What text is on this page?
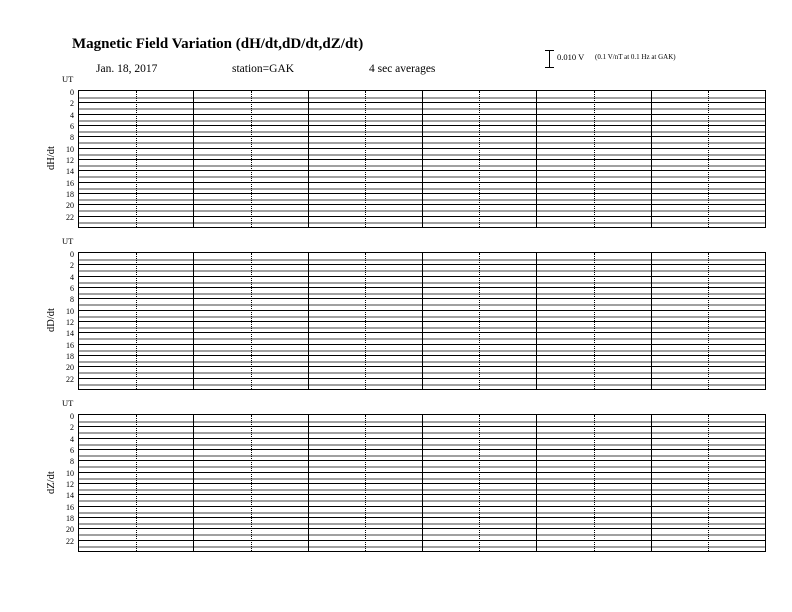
Magnetic Field Variation (dH/dt,dD/dt,dZ/dt)
Jan. 18, 2017	station=GAK	4 sec averages
0.010 V (0.1 V/nT at 0.1 Hz at GAK)
UT
0
2
4
6
8
10
12
14
16
18
20
22
dH/dt
UT
0
2
4
6
8
10
12
14
16
18
20
22
dD/dt
UT
0
2
4
6
8
10
12
14
16
18
20
22
dZ/dt
